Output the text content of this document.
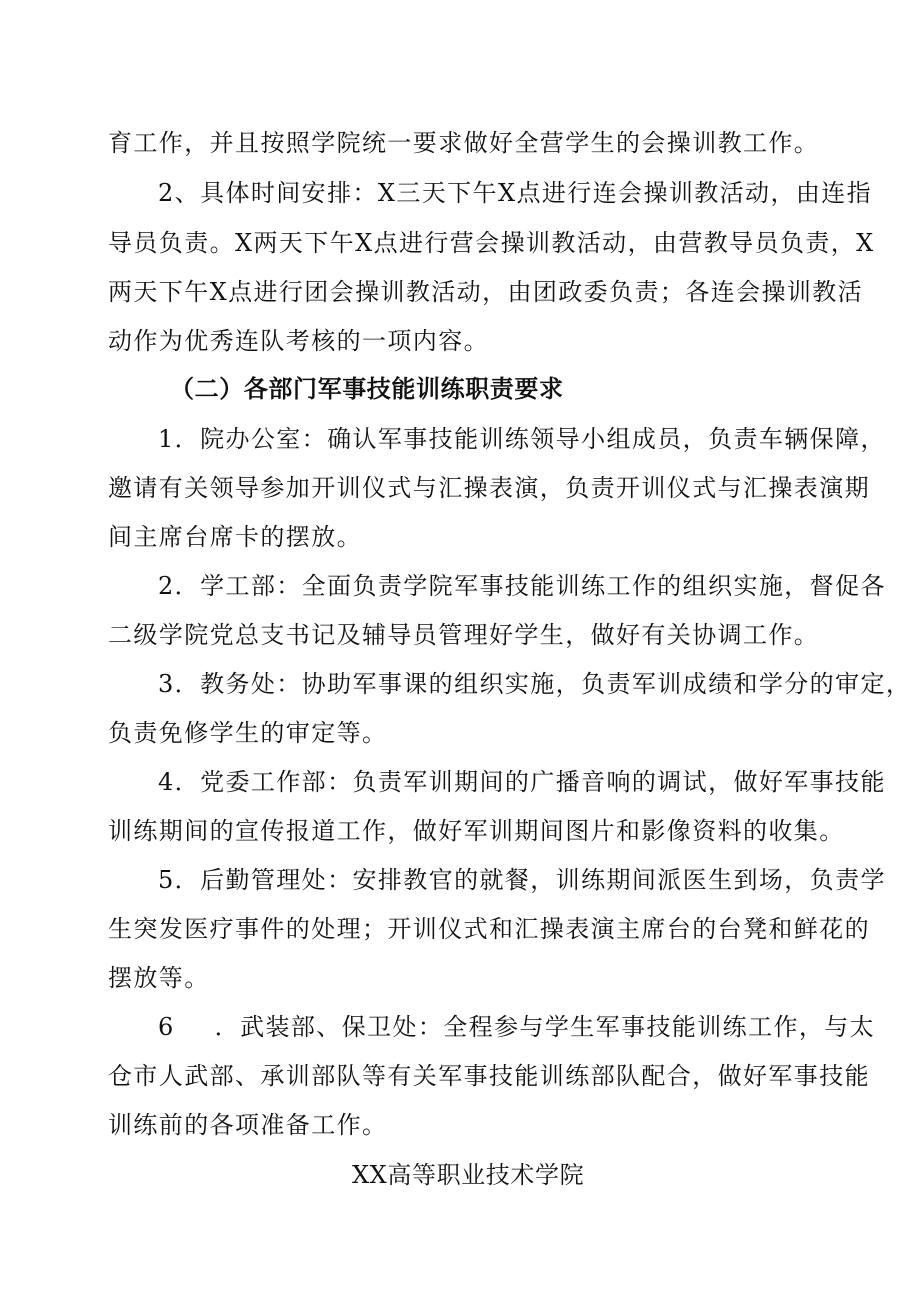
育工作，并且按照学院统一要求做好全营学生的会操训教工作。
2、具体时间安排：X三天下午X点进行连会操训教活动，由连指
导员负责。X两天下午X点进行营会操训教活动，由营教导员负责，X
两天下午X点进行团会操训教活动，由团政委负责；各连会操训教活
动作为优秀连队考核的一项内容。
（二）各部门军事技能训练职责要求
1．院办公室：确认军事技能训练领导小组成员，负责车辆保障，
邀请有关领导参加开训仪式与汇操表演，负责开训仪式与汇操表演期
间主席台席卡的摆放。
2．学工部：全面负责学院军事技能训练工作的组织实施，督促各
二级学院党总支书记及辅导员管理好学生，做好有关协调工作。
3．教务处：协助军事课的组织实施，负责军训成绩和学分的审定，
负责免修学生的审定等。
4．党委工作部：负责军训期间的广播音响的调试，做好军事技能
训练期间的宣传报道工作，做好军训期间图片和影像资料的收集。
5．后勤管理处：安排教官的就餐，训练期间派医生到场，负责学
生突发医疗事件的处理；开训仪式和汇操表演主席台的台凳和鲜花的
摆放等。
6 ．武装部、保卫处：全程参与学生军事技能训练工作，与太
仓市人武部、承训部队等有关军事技能训练部队配合，做好军事技能
训练前的各项准备工作。
XX高等职业技术学院
